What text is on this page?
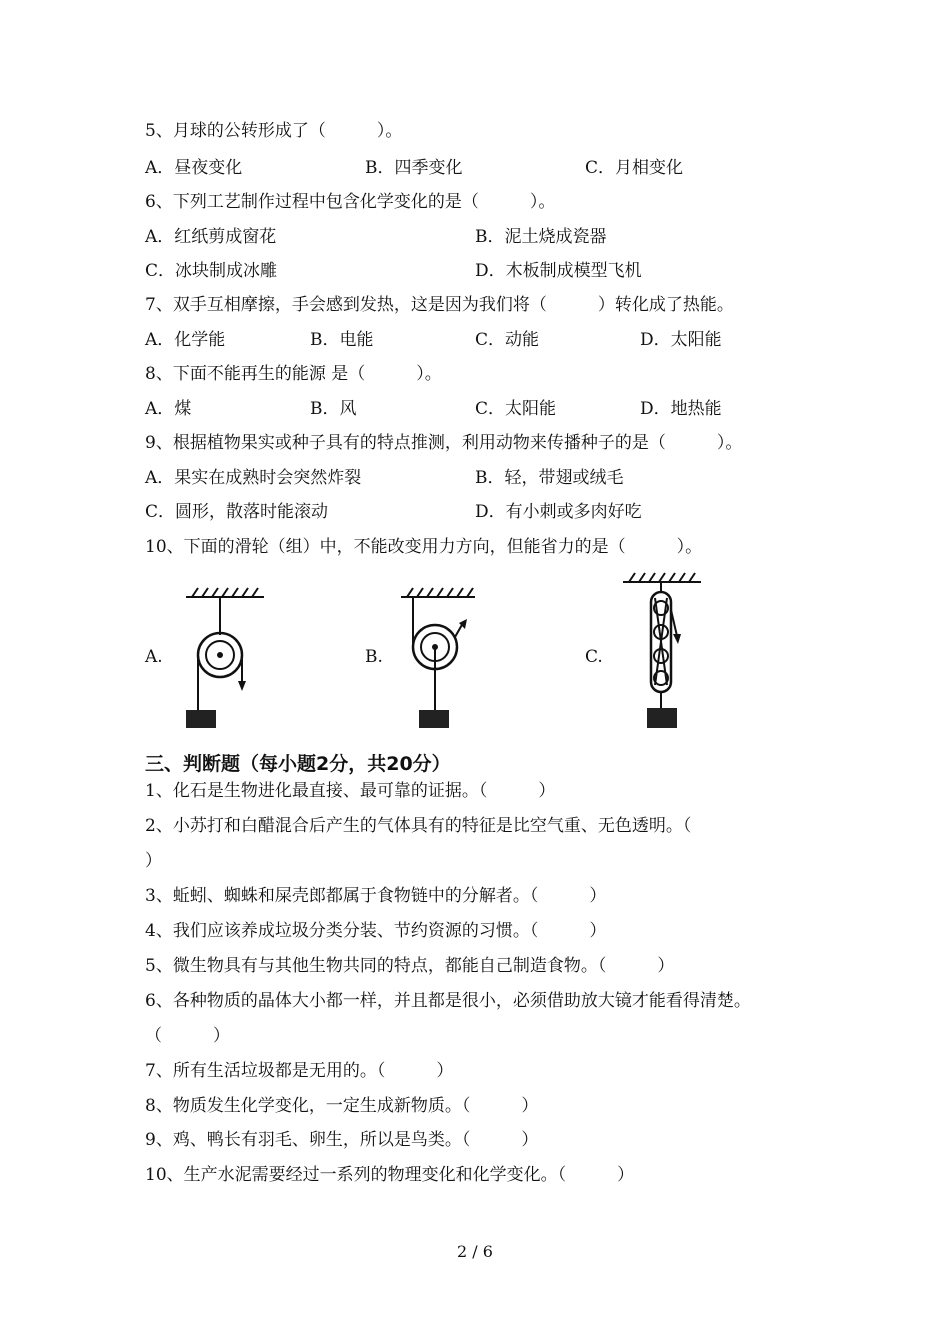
5、月球的公转形成了（　　　）。
A．昼夜变化	B．四季变化	C．月相变化
6、下列工艺制作过程中包含化学变化的是（　　　）。
A．红纸剪成窗花	B．泥土烧成瓷器
C．冰块制成冰雕	D．木板制成模型飞机
7、双手互相摩擦，手会感到发热，这是因为我们将（　　　）转化成了热能。
A．化学能	B．电能	C．动能	D．太阳能
8、下面不能再生的能源 是（　　　）。
A．煤	B．风	C．太阳能	D．地热能
9、根据植物果实或种子具有的特点推测，利用动物来传播种子的是（　　　）。
A．果实在成熟时会突然炸裂	B．轻，带翅或绒毛
C．圆形，散落时能滚动	D．有小刺或多肉好吃
10、下面的滑轮（组）中，不能改变用力方向，但能省力的是（　　　）。
A.	B.	C.
三、判断题（每小题2分，共20分）
1、化石是生物进化最直接、最可靠的证据。（　　　）
2、小苏打和白醋混合后产生的气体具有的特征是比空气重、无色透明。（
）
3、蚯蚓、蜘蛛和屎壳郎都属于食物链中的分解者。（　　　）
4、我们应该养成垃圾分类分装、节约资源的习惯。（　　　）
5、微生物具有与其他生物共同的特点，都能自己制造食物。（　　　）
6、各种物质的晶体大小都一样，并且都是很小，必须借助放大镜才能看得清楚。
（　　　）
7、所有生活垃圾都是无用的。（　　　）
8、物质发生化学变化，一定生成新物质。（　　　）
9、鸡、鸭长有羽毛、卵生，所以是鸟类。（　　　）
10、生产水泥需要经过一系列的物理变化和化学变化。（　　　）
2 / 6
